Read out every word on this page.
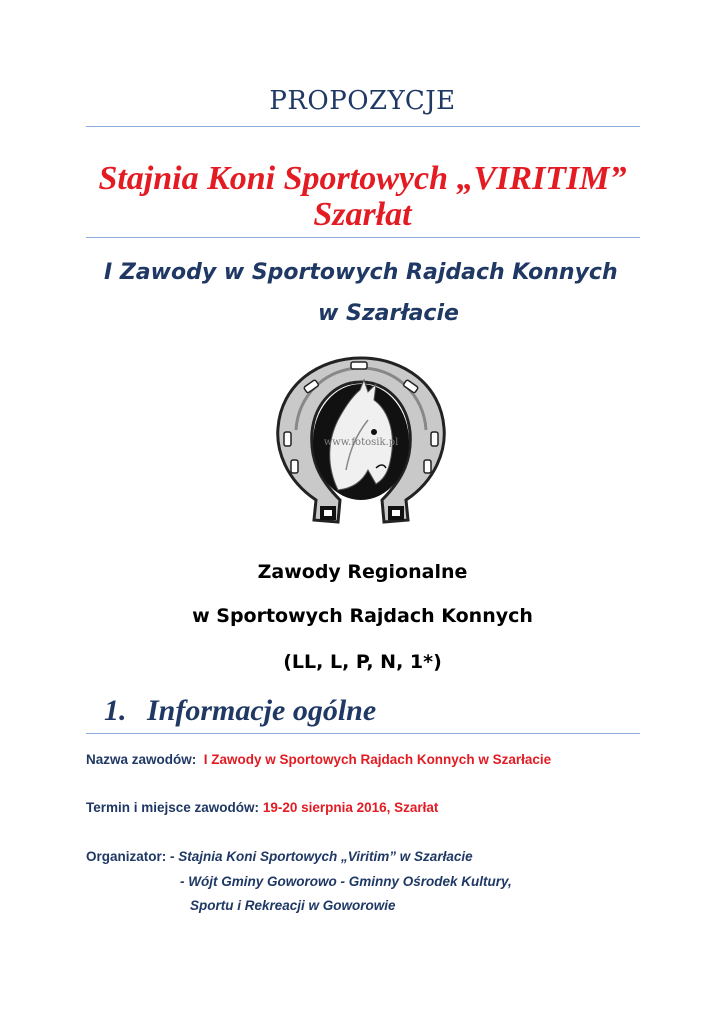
PROPOZYCJE
Stajnia Koni Sportowych „VIRITIM”
Szarłat
I Zawody w Sportowych Rajdach Konnych
w Szarłacie
www.fotosik.pl
Zawody Regionalne
w Sportowych Rajdach Konnych
(LL, L, P, N, 1*)
1. Informacje ogólne
Nazwa zawodów: I Zawody w Sportowych Rajdach Konnych w Szarłacie
Termin i miejsce zawodów: 19-20 sierpnia 2016, Szarłat
Organizator: - Stajnia Koni Sportowych „Viritim” w Szarłacie
- Wójt Gminy Goworowo - Gminny Ośrodek Kultury,
Sportu i Rekreacji w Goworowie
